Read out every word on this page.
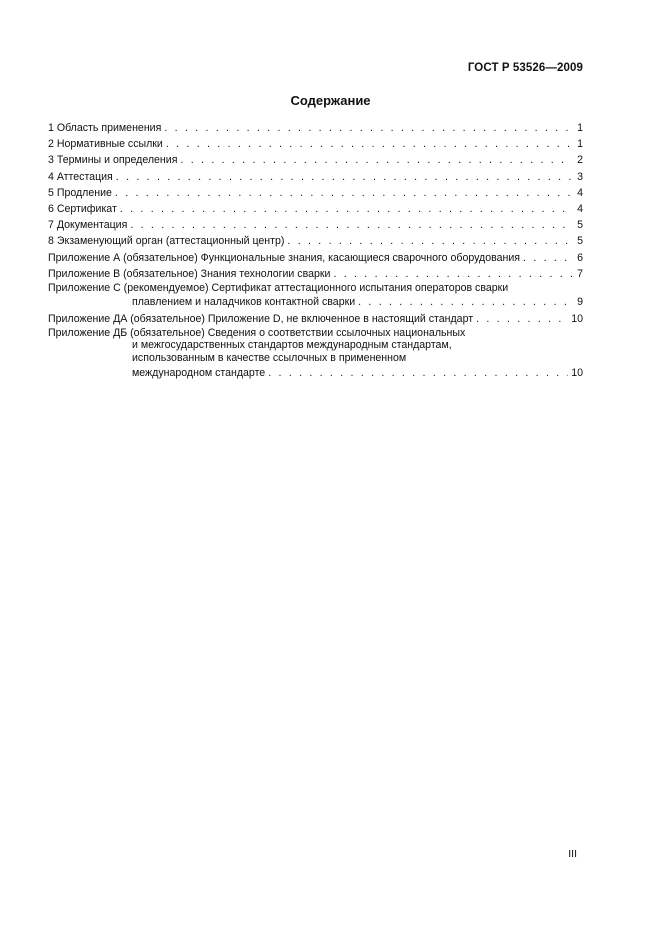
ГОСТ Р 53526—2009
Содержание
1 Область применения . . .	1
2 Нормативные ссылки . . .	1
3 Термины и определения . . .	2
4 Аттестация . . .	3
5 Продление . . .	4
6 Сертификат . . .	4
7 Документация . . .	5
8 Экзаменующий орган (аттестационный центр) . . .	5
Приложение А (обязательное) Функциональные знания, касающиеся сварочного оборудования . . .	6
Приложение В (обязательное) Знания технологии сварки . . .	7
Приложение С (рекомендуемое) Сертификат аттестационного испытания операторов сварки
плавлением и наладчиков контактной сварки . . .	9
Приложение ДА (обязательное) Приложение D, не включенное в настоящий стандарт . . .	10
Приложение ДБ (обязательное) Сведения о соответствии ссылочных национальных
и межгосударственных стандартов международным стандартам,
использованным в качестве ссылочных в примененном
международном стандарте . . .	10
III
